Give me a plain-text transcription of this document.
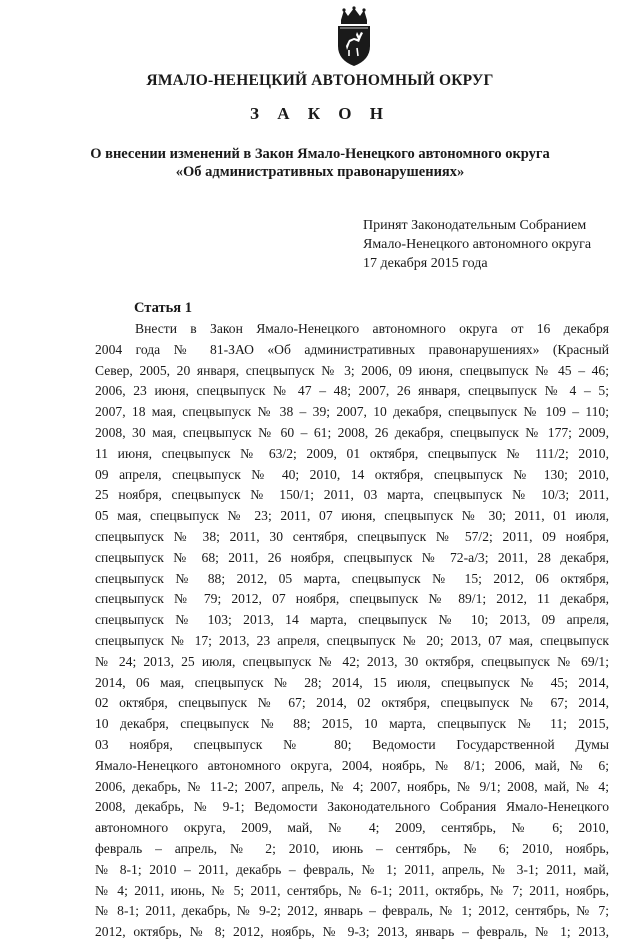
ЯМАЛО-НЕНЕЦКИЙ АВТОНОМНЫЙ ОКРУГ
З А К О Н
О внесении изменений в Закон Ямало-Ненецкого автономного округа
«Об административных правонарушениях»
Принят Законодательным Собранием
Ямало-Ненецкого автономного округа
17 декабря 2015 года
Статья 1
Внести в Закон Ямало-Ненецкого автономного округа от 16 декабря
2004 года № 81-ЗАО «Об административных правонарушениях» (Красный
Север, 2005, 20 января, спецвыпуск № 3; 2006, 09 июня, спецвыпуск № 45 – 46;
2006, 23 июня, спецвыпуск № 47 – 48; 2007, 26 января, спецвыпуск № 4 – 5;
2007, 18 мая, спецвыпуск № 38 – 39; 2007, 10 декабря, спецвыпуск № 109 – 110;
2008, 30 мая, спецвыпуск № 60 – 61; 2008, 26 декабря, спецвыпуск № 177; 2009,
11 июня, спецвыпуск № 63/2; 2009, 01 октября, спецвыпуск № 111/2; 2010,
09 апреля, спецвыпуск № 40; 2010, 14 октября, спецвыпуск № 130; 2010,
25 ноября, спецвыпуск № 150/1; 2011, 03 марта, спецвыпуск № 10/3; 2011,
05 мая, спецвыпуск № 23; 2011, 07 июня, спецвыпуск № 30; 2011, 01 июля,
спецвыпуск № 38; 2011, 30 сентября, спецвыпуск № 57/2; 2011, 09 ноября,
спецвыпуск № 68; 2011, 26 ноября, спецвыпуск № 72-а/3; 2011, 28 декабря,
спецвыпуск № 88; 2012, 05 марта, спецвыпуск № 15; 2012, 06 октября,
спецвыпуск № 79; 2012, 07 ноября, спецвыпуск № 89/1; 2012, 11 декабря,
спецвыпуск № 103; 2013, 14 марта, спецвыпуск № 10; 2013, 09 апреля,
спецвыпуск № 17; 2013, 23 апреля, спецвыпуск № 20; 2013, 07 мая, спецвыпуск
№ 24; 2013, 25 июля, спецвыпуск № 42; 2013, 30 октября, спецвыпуск № 69/1;
2014, 06 мая, спецвыпуск № 28; 2014, 15 июля, спецвыпуск № 45; 2014,
02 октября, спецвыпуск № 67; 2014, 02 октября, спецвыпуск № 67; 2014,
10 декабря, спецвыпуск № 88; 2015, 10 марта, спецвыпуск № 11; 2015,
03 ноября, спецвыпуск № 80; Ведомости Государственной Думы
Ямало-Ненецкого автономного округа, 2004, ноябрь, № 8/1; 2006, май, № 6;
2006, декабрь, № 11-2; 2007, апрель, № 4; 2007, ноябрь, № 9/1; 2008, май, № 4;
2008, декабрь, № 9-1; Ведомости Законодательного Собрания Ямало-Ненецкого
автономного округа, 2009, май, № 4; 2009, сентябрь, № 6; 2010,
февраль – апрель, № 2; 2010, июнь – сентябрь, № 6; 2010, ноябрь,
№ 8-1; 2010 – 2011, декабрь – февраль, № 1; 2011, апрель, № 3-1; 2011, май,
№ 4; 2011, июнь, № 5; 2011, сентябрь, № 6-1; 2011, октябрь, № 7; 2011, ноябрь,
№ 8-1; 2011, декабрь, № 9-2; 2012, январь – февраль, № 1; 2012, сентябрь, № 7;
2012, октябрь, № 8; 2012, ноябрь, № 9-3; 2013, январь – февраль, № 1; 2013,
